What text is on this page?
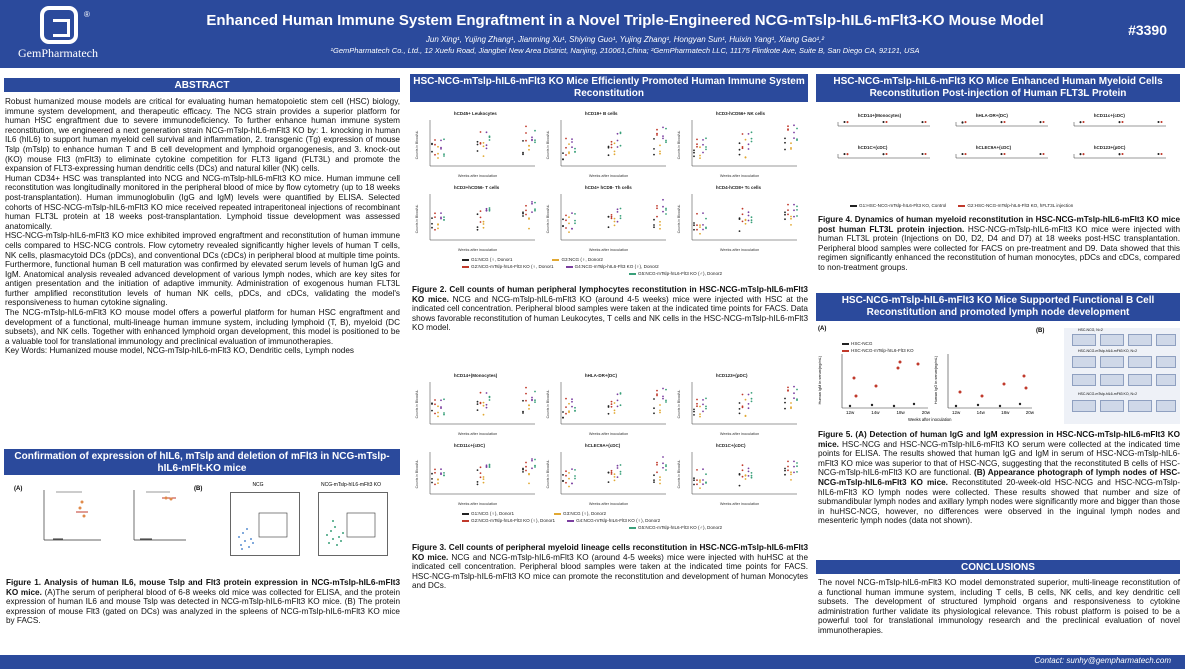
®
GemPharmatech
Enhanced Human Immune System Engraftment in a Novel Triple-Engineered NCG-mTslp-hIL6-mFlt3-KO Mouse Model
Jun Xing¹, Yujing Zhang¹, Jianming Xu¹, Shiying Guo¹, Yujing Zhang¹, Hongyan Sun¹, Huixin Yang¹, Xiang Gao¹,²
¹GemPharmatech Co., Ltd., 12 Xuefu Road, Jiangbei New Area District, Nanjing, 210061,China; ²GemPharmatech LLC, 11175 Flintkote Ave, Suite B, San Diego CA, 92121, USA
#3390
ABSTRACT
Robust humanized mouse models are critical for evaluating human hematopoietic stem cell (HSC) biology, immune system development, and therapeutic efficacy. The NCG strain provides a superior platform for human HSC engraftment due to severe immunodeficiency. To further enhance human immune system reconstitution, we engineered a next generation strain NCG-mTslp-hIL6-mFlt3 KO by: 1. knocking in human IL6 (hIL6) to support human myeloid cell survival and inflammation, 2. transgenic (Tg) expression of mouse Tslp (mTslp) to enhance human T and B cell development and lymphoid organogenesis, and 3. knock-out (KO) mouse Flt3 (mFlt3) to eliminate cytokine competition for FLT3 ligand (FLT3L) and promote the expansion of FLT3-expressing human dendritic cells (DCs) and natural killer (NK) cells.
Human CD34+ HSC was transplanted into NCG and NCG-mTslp-hIL6-mFlt3 KO mice. Human immune cell reconstitution was longitudinally monitored in the peripheral blood of mice by flow cytometry (up to 18 weeks post-transplantation). Human immunoglobulin (IgG and IgM) levels were quantified by ELISA. Selected cohorts of HSC-NCG-mTslp-hIL6-mFlt3 KO mice received repeated intraperitoneal injections of recombinant human FLT3L protein at 18 weeks post-transplantation. Lymphoid tissue development was assessed anatomically.
HSC-NCG-mTslp-hIL6-mFlt3 KO mice exhibited improved engraftment and reconstitution of human immune cells compared to HSC-NCG controls. Flow cytometry revealed significantly higher levels of human T cells, NK cells, plasmacytoid DCs (pDCs), and conventional DCs (cDCs) in peripheral blood at multiple time points. Furthermore, functional human B cell maturation was confirmed by elevated serum levels of human IgG and IgM. Anatomical analysis revealed advanced development of various lymph nodes, which are key sites for antigen presentation and the initiation of adaptive immunity. Administration of exogenous human FLT3L further amplified reconstitution levels of human NK cells, pDCs, and cDCs, validating the model's responsiveness to human cytokine signaling.
The NCG-mTslp-hIL6-mFlt3 KO mouse model offers a powerful platform for human HSC engraftment and development of a functional, multi-lineage human immune system, including lymphoid (T, B), myeloid (DC subsets), and NK cells. Together with enhanced lymphoid organ development, this model is positioned to be a valuable tool for translational immunology and preclinical evaluation of immunotherapies.
Key Words: Humanized mouse model, NCG-mTslp-hIL6-mFlt3 KO, Dendritic cells, Lymph nodes
Confirmation of expression of hIL6, mTslp and deletion of mFlt3 in NCG-mTslp-hIL6-mFlt-KO mice
(A)	(B)
NCG	NCG-mTslp-hIL6-mFlt3 KO
Figure 1. Analysis of human IL6, mouse Tslp and Flt3 protein expression in NCG-mTslp-hIL6-mFlt3 KO mice. (A)The serum of peripheral blood of 6-8 weeks old mice was collected for ELISA, and the protein expression of human IL6 and mouse Tslp was detected in NCG-mTslp-hIL6-mFlt3 KO mice. (B) The protein expression of mouse Flt3 (gated on DCs) was analyzed in the spleens of NCG-mTslp-hIL6-mFlt3 KO mice by FACS.
HSC-NCG-mTslp-hIL6-mFlt3 KO Mice Efficiently Promoted Human Immune System Reconstitution
hCD45+ Leukocytes
Weeks after inoculation
Counts in Blood/uL
hCD19+ B cells
Weeks after inoculation
Counts in Blood/uL
hCD3-hCD56+ NK cells
Weeks after inoculation
Counts in Blood/uL
hCD3+hCD56- T cells
Weeks after inoculation
Counts in Blood/uL
hCD4+ hCD8- Th cells
Weeks after inoculation
Counts in Blood/uL
hCD4-hCD8+ Tc cells
Weeks after inoculation
Counts in Blood/uL
G1:NCG (♀, Donor1	G3:NCG (♀, Donor2
G2:NCG-mTslp-hIL6-Flt3 KO (♀, Donor1	G4:NCG-mTslp-hIL6-Flt3 KO (♀), Donor2
G5:NCG-mTslp-hIL6-Flt3 KO (♂), Donor2
Figure 2. Cell counts of human peripheral lymphocytes reconstitution in HSC-NCG-mTslp-hIL6-mFlt3 KO mice. NCG and NCG-mTslp-hIL6-mFlt3 KO (around 4-5 weeks) mice were injected with HSC at the indicated cell concentration. Peripheral blood samples were taken at the indicated time points for FACS. Data shows favorable reconstitution of human Leukocytes, T cells and NK cells in the HSC-NCG-mTslp-hIL6-mFlt3 KO model.
hCD14+(Monocytes)
Weeks after inoculation
Counts in Blood/uL
hHLA-DR+(DC)
Weeks after inoculation
Counts in Blood/uL
hCD123+(pDC)
Weeks after inoculation
Counts in Blood/uL
hCD11c+(cDC)
Weeks after inoculation
Counts in Blood/uL
hCLEC9A+(cDC)
Weeks after inoculation
Counts in Blood/uL
hCD1C+(cDC)
Weeks after inoculation
Counts in Blood/uL
G1:NCG (♀), Donor1	G3:NCG (♀), Donor2
G2:NCG-mTslp-hIL6-Flt3 KO (♀), Donor1	G4:NCG-mTslp-hIL6-Flt3 KO (♀), Donor2
G5:NCG-mTslp-hIL6-Flt3 KO (♂), Donor2
Figure 3. Cell counts of peripheral myeloid lineage cells reconstitution in HSC-NCG-mTslp-hIL6-mFlt3 KO mice. NCG and NCG-mTslp-hIL6-mFlt3 KO (around 4-5 weeks) mice were injected with huHSC at the indicated cell concentration. Peripheral blood samples were taken at the indicated time points for FACS. HSC-NCG-mTslp-hIL6-mFlt3 KO mice can promote the reconstitution and development of human Monocytes and DCs.
HSC-NCG-mTslp-hIL6-mFlt3 KO Mice Enhanced Human Myeloid Cells Reconstitution Post-injection of Human FLT3L Protein
hCD14+(Monocytes)	hHLA-DR+(DC)	hCD11c+(cDC)
hCD1C+(cDC)	hCLEC9A+(cDC)	hCD123+(pDC)
G1:HSC-NCG-mTslp-hIL6-Flt3 KO, Control	G2:HSC-NCG-mTslp-hIL6-Flt3 KO, hFLT3L injection
Figure 4. Dynamics of human myeloid reconstitution in HSC-NCG-mTslp-hIL6-mFlt3 KO mice post human FLT3L protein injection. HSC-NCG-mTslp-hIL6-mFlt3 KO mice were injected with human FLT3L protein (Injections on D0, D2, D4 and D7) at 18 weeks post-HSC transplantation. Peripheral blood samples were collected for FACS on pre-treatment and D9. Data showed that this regimen significantly enhanced the reconstitution of human monocytes, pDCs and cDCs, compared to non-treatment groups.
HSC-NCG-mTslp-hIL6-mFlt3 KO Mice Supported Functional B Cell Reconstitution and promoted lymph node development
(A)	(B)
HSC-NCG
HSC-NCG-mTslp-hIL6-Flt3 KO
Human IgM in serum(ng/mL)	Human IgG in serum(ng/mL)
12w	14w	18w	20w	12w	14w	18w	20w
Weeks after inoculation
HSC-NCG, N=2
HSC-NCG-mTslp-hIL6-mFlt3 KO, N=2
HSC-NCG-mTslp-hIL6-mFlt3 KO, N=2
Figure 5. (A) Detection of human IgG and IgM expression in HSC-NCG-mTslp-hIL6-mFlt3 KO mice. HSC-NCG and HSC-NCG-mTslp-hIL6-mFlt3 KO serum were collected at the indicated time points for ELISA. The results showed that human IgG and IgM in serum of HSC-NCG-mTslp-hIL6-mFlt3 KO mice was superior to that of HSC-NCG, suggesting that the reconstituted B cells of HSC-NCG-mTslp-hIL6-mFlt3 KO are functional. (B) Appearance photograph of lymph nodes of HSC-NCG-mTslp-hIL6-mFlt3 KO mice. Reconstituted 20-week-old HSC-NCG and HSC-NCG-mTslp-hIL6-mFlt3 KO lymph nodes were collected. These results showed that number and size of submandibular lymph nodes and axillary lymph nodes were significantly more and bigger than those in huHSC-NCG, however, no differences were observed in the inguinal lymph nodes and mesenteric lymph nodes (data not shown).
CONCLUSIONS
The novel NCG-mTslp-hIL6-mFlt3 KO model demonstrated superior, multi-lineage reconstitution of a functional human immune system, including T cells, B cells, NK cells, and key dendritic cell subsets. The development of structured lymphoid organs and responsiveness to cytokine administration further validate its physiological relevance. This robust platform is poised to be a powerful tool for translational immunology research and the preclinical evaluation of novel immunotherapies.
Contact: sunhy@gempharmatech.com
